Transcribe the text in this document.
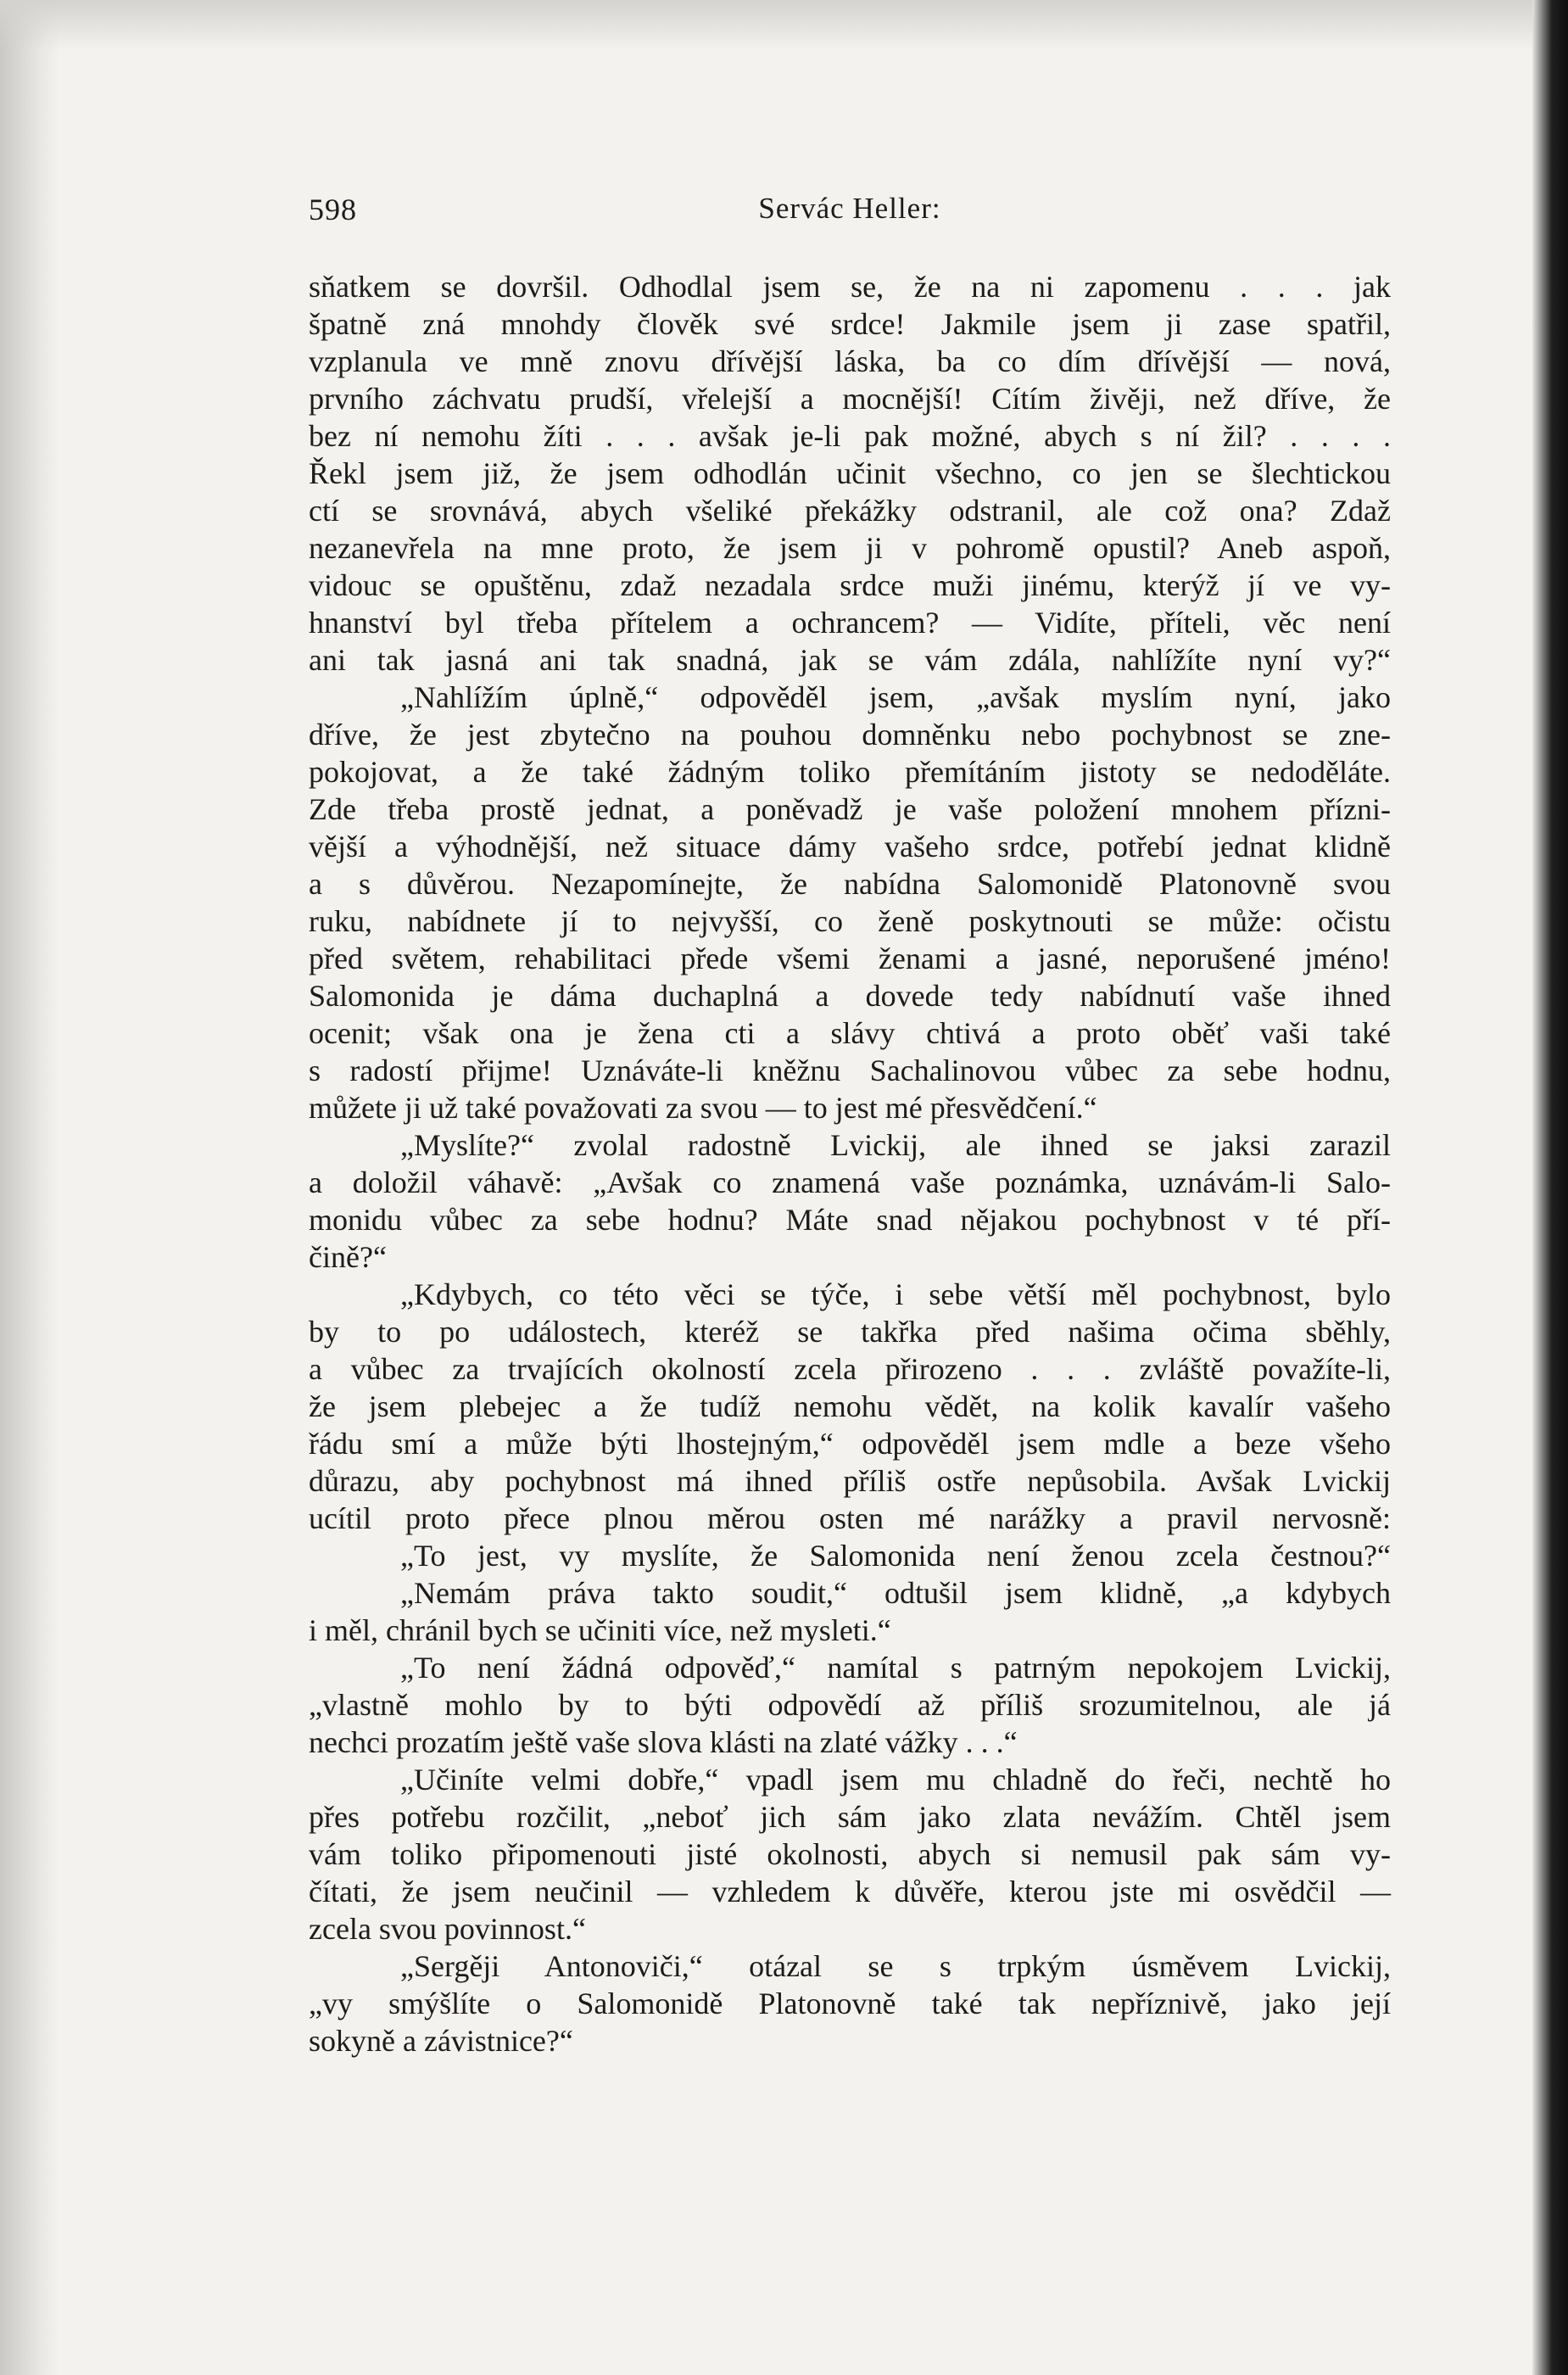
598	Servác Heller:
sňatkem se dovršil. Odhodlal jsem se, že na ni zapomenu . . . jak
špatně zná mnohdy člověk své srdce! Jakmile jsem ji zase spatřil,
vzplanula ve mně znovu dřívější láska, ba co dím dřívější — nová,
prvního záchvatu prudší, vřelejší a mocnější! Cítím živěji, než dříve, že
bez ní nemohu žíti . . . avšak je-li pak možné, abych s ní žil? . . . .
Řekl jsem již, že jsem odhodlán učinit všechno, co jen se šlechtickou
ctí se srovnává, abych všeliké překážky odstranil, ale což ona? Zdaž
nezanevřela na mne proto, že jsem ji v pohromě opustil? Aneb aspoň,
vidouc se opuštěnu, zdaž nezadala srdce muži jinému, kterýž jí ve vy-
hnanství byl třeba přítelem a ochrancem? — Vidíte, příteli, věc není
ani tak jasná ani tak snadná, jak se vám zdála, nahlížíte nyní vy?“
„Nahlížím úplně,“ odpověděl jsem, „avšak myslím nyní, jako
dříve, že jest zbytečno na pouhou domněnku nebo pochybnost se zne-
pokojovat, a že také žádným toliko přemítáním jistoty se nedoděláte.
Zde třeba prostě jednat, a poněvadž je vaše položení mnohem přízni-
vější a výhodnější, než situace dámy vašeho srdce, potřebí jednat klidně
a s důvěrou. Nezapomínejte, že nabídna Salomonidě Platonovně svou
ruku, nabídnete jí to nejvyšší, co ženě poskytnouti se může: očistu
před světem, rehabilitaci přede všemi ženami a jasné, neporušené jméno!
Salomonida je dáma duchaplná a dovede tedy nabídnutí vaše ihned
ocenit; však ona je žena cti a slávy chtivá a proto oběť vaši také
s radostí přijme! Uznáváte-li kněžnu Sachalinovou vůbec za sebe hodnu,
můžete ji už také považovati za svou — to jest mé přesvědčení.“
„Myslíte?“ zvolal radostně Lvickij, ale ihned se jaksi zarazil
a doložil váhavě: „Avšak co znamená vaše poznámka, uznávám-li Salo-
monidu vůbec za sebe hodnu? Máte snad nějakou pochybnost v té pří-
čině?“
„Kdybych, co této věci se týče, i sebe větší měl pochybnost, bylo
by to po událostech, kteréž se takřka před našima očima sběhly,
a vůbec za trvajících okolností zcela přirozeno . . . zvláště považíte-li,
že jsem plebejec a že tudíž nemohu vědět, na kolik kavalír vašeho
řádu smí a může býti lhostejným,“ odpověděl jsem mdle a beze všeho
důrazu, aby pochybnost má ihned příliš ostře nepůsobila. Avšak Lvickij
ucítil proto přece plnou měrou osten mé narážky a pravil nervosně:
„To jest, vy myslíte, že Salomonida není ženou zcela čestnou?“
„Nemám práva takto soudit,“ odtušil jsem klidně, „a kdybych
i měl, chránil bych se učiniti více, než mysleti.“
„To není žádná odpověď,“ namítal s patrným nepokojem Lvickij,
„vlastně mohlo by to býti odpovědí až příliš srozumitelnou, ale já
nechci prozatím ještě vaše slova klásti na zlaté vážky . . .“
„Učiníte velmi dobře,“ vpadl jsem mu chladně do řeči, nechtě ho
přes potřebu rozčilit, „neboť jich sám jako zlata nevážím. Chtěl jsem
vám toliko připomenouti jisté okolnosti, abych si nemusil pak sám vy-
čítati, že jsem neučinil — vzhledem k důvěře, kterou jste mi osvědčil —
zcela svou povinnost.“
„Sergěji Antonoviči,“ otázal se s trpkým úsměvem Lvickij,
„vy smýšlíte o Salomonidě Platonovně také tak nepříznivě, jako její
sokyně a závistnice?“
